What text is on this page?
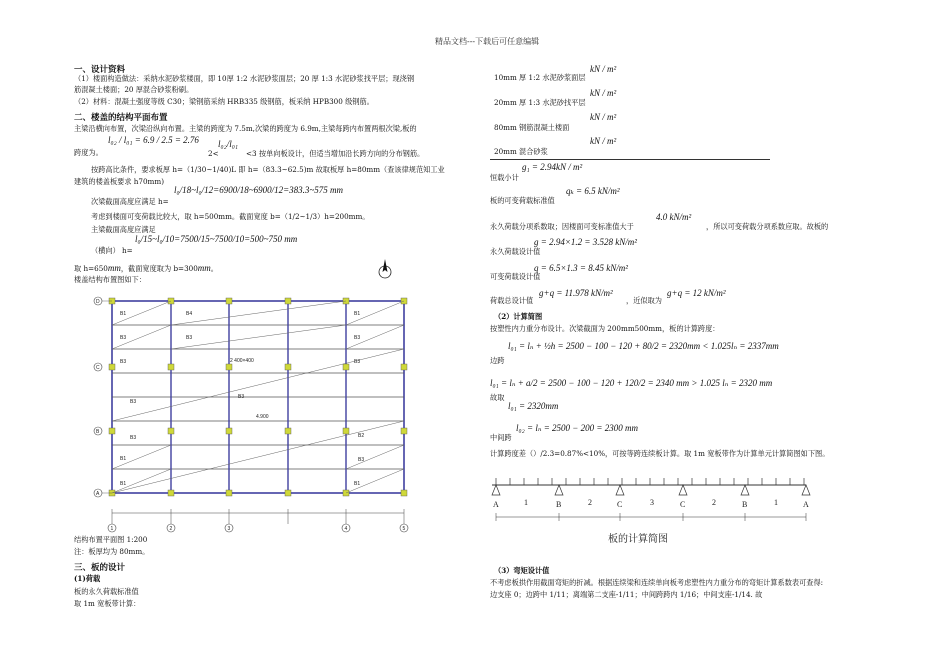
精品文档---下载后可任意编辑
一、设计资料
（1）楼面构造做法：采纳水泥砂浆楼面，即 10厚 1:2 水泥砂浆面层；20 厚 1:3 水泥砂浆找平层；现浇钢
筋混凝土楼面；20 厚混合砂浆粉刷。
（2）材料：混凝土强度等级 C30；梁钢筋采纳 HRB335 级钢筋，板采纳 HPB300 级钢筋。
二、楼盖的结构平面布置
主梁沿横向布置，次梁沿纵向布置。主梁的跨度为 7.5m,次梁的跨度为 6.9m,主梁每跨内布置两根次梁,板的
跨度为。
l₀₂ / l₀₁ = 6.9 / 2.5 = 2.76
2<
l₀₂/l₀₁
<3 按单向板设计，但适当增加沿长跨方向的分布钢筋。
按跨高比条件，要求板厚 h=（1/30~1/40)L 即 h=（83.3~62.5)m 故取板厚 h=80mm（查该律规范知工业
建筑的楼盖板要求 h70mm)
l₀/18~l₀/12=6900/18~6900/12=383.3~575 mm
次梁截面高度应满足 h=
考虑到楼面可变荷载比较大，取 h=500mm。截面宽度 b=（1/2~1/3）h=200mm。
主梁截面高度应满足
l₀/15~l₀/10=7500/15~7500/10=500~750 mm
（横向） h=
取 h=650mm，截面宽度取为 b=300mm。
楼盖结构布置图如下：
B1	B4	B1
B3	B3	B3
B3	B3
B3
B3
B3	B2
B3
B1
B1	B1
2 400×400
4.900
D
C
B
A
1	2	3	4	5
结构布置平面图 1:200
注：板厚均为 80mm。
三、板的设计
(1)荷载
板的永久荷载标准值
取 1m 宽板带计算：
kN / m²
10mm 厚 1:2 水泥砂浆面层
kN / m²
20mm 厚 1:3 水泥砂找平层
kN / m²
80mm 钢筋混凝土楼面
kN / m²
20mm 混合砂浆
g₁ = 2.94kN / m²
恒载小计
qₖ = 6.5 kN/m²
板的可变荷载标准值
4.0 kN/m²
永久荷载分项系数取；因楼面可变标准值大于	，所以可变荷载分项系数应取。故板的
g = 2.94×1.2 = 3.528 kN/m²
永久荷载设计值
q = 6.5×1.3 = 8.45 kN/m²
可变荷载设计值
荷载总设计值
g+q = 11.978 kN/m²
，近似取为
g+q = 12 kN/m²
（2）计算简图
按塑性内力重分布设计。次梁截面为 200mm500mm，板的计算跨度：
l₀₁ = lₙ + ½h = 2500 − 100 − 120 + 80/2 = 2320mm < 1.025lₙ = 2337mm
边跨
l₀₁ = lₙ + a/2 = 2500 − 100 − 120 + 120/2 = 2340 mm > 1.025 lₙ = 2320 mm
故取
l₀₁ = 2320mm
l₀₂ = lₙ = 2500 − 200 = 2300 mm
中间跨
计算跨度差（）/2.3=0.87%<10%，可按等跨连续板计算。取 1m 宽板带作为计算单元计算简图如下图。
A	B	C	C	B	A
1	2	3	2	1
板的计算简图
（3）弯矩设计值
不考虑板拱作用截面弯矩的折减。根据连续梁和连续单向板考虑塑性内力重分布的弯矩计算系数表可查得:
边支座 0；边跨中 1/11；离端第二支座-1/11；中间跨跨内 1/16；中间支座-1/14. 故
